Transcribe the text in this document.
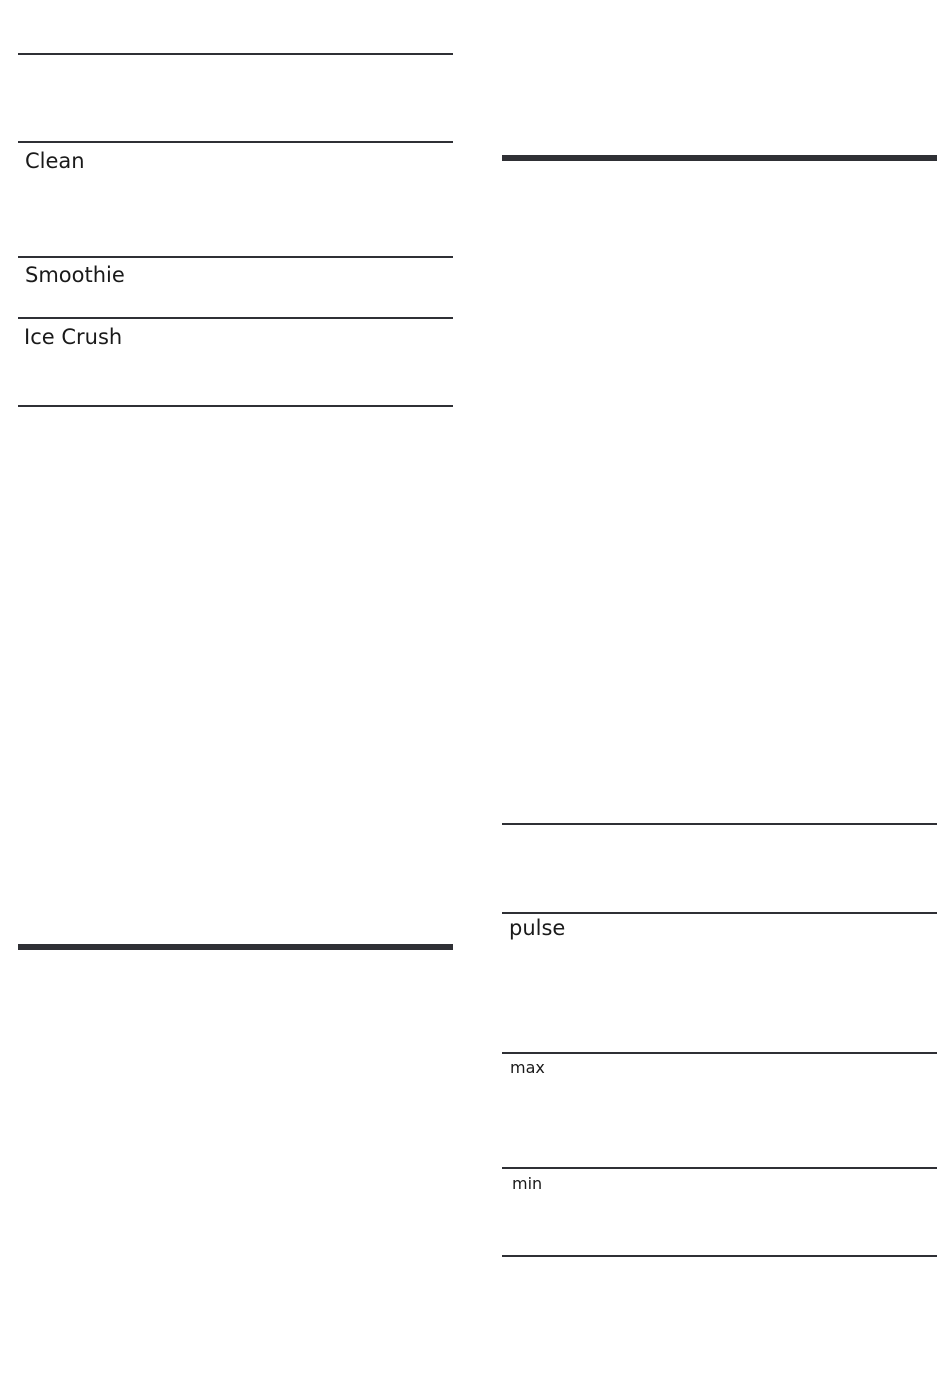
Clean
Smoothie
Ice Crush
pulse
max
min
